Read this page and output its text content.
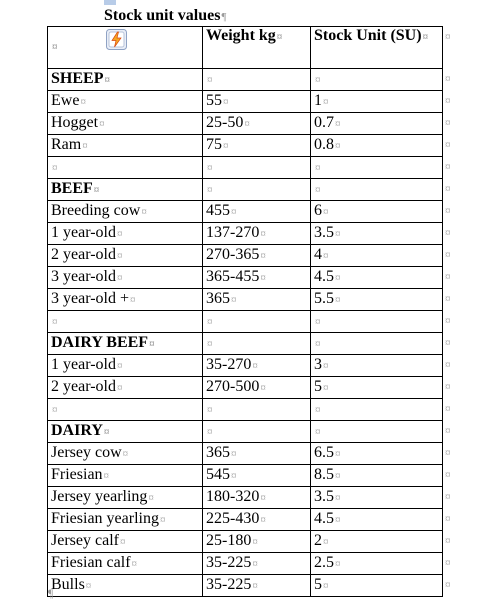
Stock unit values¶
¤	Weight kg¤	Stock Unit (SU)¤
SHEEP¤	¤	¤
Ewe¤	55¤	1¤
Hogget¤	25-50¤	0.7¤
Ram¤	75¤	0.8¤
¤	¤	¤
BEEF¤	¤	¤
Breeding cow¤	455¤	6¤
1 year-old¤	137-270¤	3.5¤
2 year-old¤	270-365¤	4¤
3 year-old¤	365-455¤	4.5¤
3 year-old +¤	365¤	5.5¤
¤	¤	¤
DAIRY BEEF¤	¤	¤
1 year-old¤	35-270¤	3¤
2 year-old¤	270-500¤	5¤
¤	¤	¤
DAIRY¤	¤	¤
Jersey cow¤	365¤	6.5¤
Friesian¤	545¤	8.5¤
Jersey yearling¤	180-320¤	3.5¤
Friesian yearling¤	225-430¤	4.5¤
Jersey calf¤	25-180¤	2¤
Friesian calf¤	35-225¤	2.5¤
Bulls¤	35-225¤	5¤
¤
¤
¤
¤
¤
¤
¤
¤
¤
¤
¤
¤
¤
¤
¤
¤
¤
¤
¤
¤
¤
¤
¤
¤
¤
¶
